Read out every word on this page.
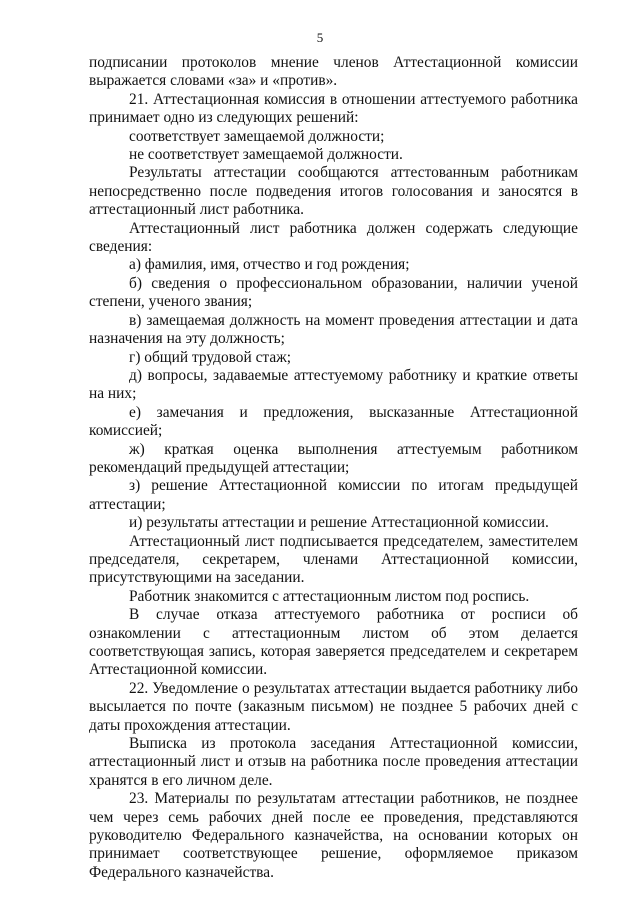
5

подписании протоколов мнение членов Аттестационной комиссии выражается словами «за» и «против».

21. Аттестационная комиссия в отношении аттестуемого работника принимает одно из следующих решений:

соответствует замещаемой должности;

не соответствует замещаемой должности.

Результаты аттестации сообщаются аттестованным работникам непосредственно после подведения итогов голосования и заносятся в аттестационный лист работника.

Аттестационный лист работника должен содержать следующие сведения:

а) фамилия, имя, отчество и год рождения;

б) сведения о профессиональном образовании, наличии ученой степени, ученого звания;

в) замещаемая должность на момент проведения аттестации и дата назначения на эту должность;

г) общий трудовой стаж;

д) вопросы, задаваемые аттестуемому работнику и краткие ответы на них;

е) замечания и предложения, высказанные Аттестационной комиссией;

ж) краткая оценка выполнения аттестуемым работником рекомендаций предыдущей аттестации;

з) решение Аттестационной комиссии по итогам предыдущей аттестации;

и) результаты аттестации и решение Аттестационной комиссии.

Аттестационный лист подписывается председателем, заместителем председателя, секретарем, членами Аттестационной комиссии, присутствующими на заседании.

Работник знакомится с аттестационным листом под роспись.

В случае отказа аттестуемого работника от росписи об ознакомлении с аттестационным листом об этом делается соответствующая запись, которая заверяется председателем и секретарем Аттестационной комиссии.

22. Уведомление о результатах аттестации выдается работнику либо высылается по почте (заказным письмом) не позднее 5 рабочих дней с даты прохождения аттестации.

Выписка из протокола заседания Аттестационной комиссии, аттестационный лист и отзыв на работника после проведения аттестации хранятся в его личном деле.

23. Материалы по результатам аттестации работников, не позднее чем через семь рабочих дней после ее проведения, представляются руководителю Федерального казначейства, на основании которых он принимает соответствующее решение, оформляемое приказом Федерального казначейства.
